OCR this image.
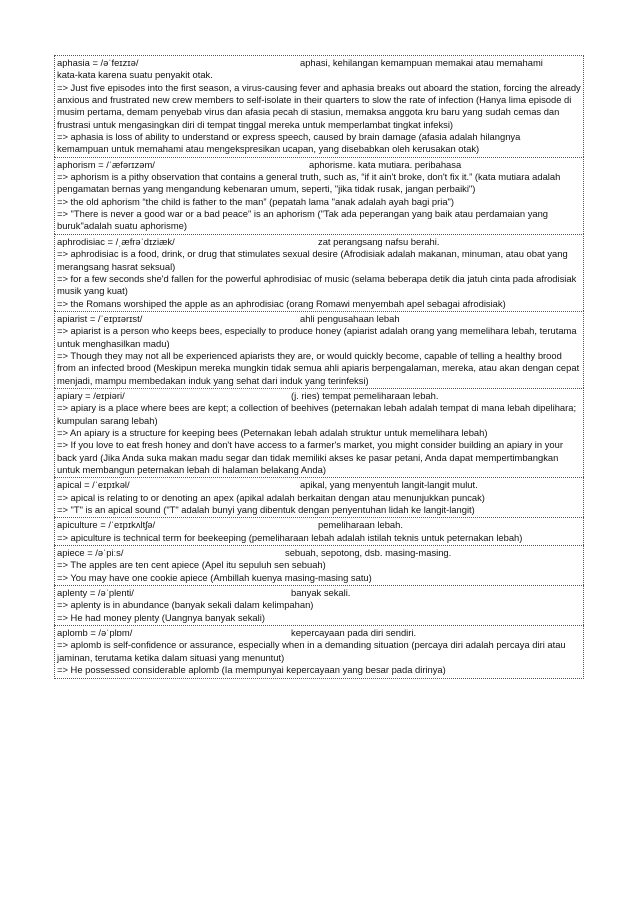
aphasia = /əˈfeɪzɪə/	aphasi, kehilangan kemampuan memakai atau memahami

kata-kata karena suatu penyakit otak.

=> Just five episodes into the first season, a virus-causing fever and aphasia breaks out aboard the station, forcing the already anxious and frustrated new crew members to self-isolate in their quarters to slow the rate of infection (Hanya lima episode di musim pertama, demam penyebab virus dan afasia pecah di stasiun, memaksa anggota kru baru yang sudah cemas dan frustrasi untuk mengasingkan diri di tempat tinggal mereka untuk memperlambat tingkat infeksi)

=> aphasia is loss of ability to understand or express speech, caused by brain damage (afasia adalah hilangnya

kemampuan untuk memahami atau mengekspresikan ucapan, yang disebabkan oleh kerusakan otak)

aphorism = /ˈæfərɪzəm/	aphorisme. kata mutiara. peribahasa

=> aphorism is a pithy observation that contains a general truth, such as, “if it ain't broke, don't fix it.” (kata mutiara adalah pengamatan bernas yang mengandung kebenaran umum, seperti, "jika tidak rusak, jangan perbaiki")

=> the old aphorism “the child is father to the man” (pepatah lama "anak adalah ayah bagi pria")

=> "There is never a good war or a bad peace" is an aphorism ("Tak ada peperangan yang baik atau perdamaian yang buruk"adalah suatu aphorisme)

aphrodisiac = /ˌæfrəˈdɪziæk/	zat perangsang nafsu berahi.

=> aphrodisiac is a food, drink, or drug that stimulates sexual desire (Afrodisiak adalah makanan, minuman, atau obat yang merangsang hasrat seksual)

=> for a few seconds she'd fallen for the powerful aphrodisiac of music (selama beberapa detik dia jatuh cinta pada afrodisiak musik yang kuat)

=> the Romans worshiped the apple as an aphrodisiac (orang Romawi menyembah apel sebagai afrodisiak)

apiarist = /ˈeɪpɪərɪst/	ahli pengusahaan lebah

=> apiarist is a person who keeps bees, especially to produce honey (apiarist adalah orang yang memelihara lebah, terutama untuk menghasilkan madu)

=> Though they may not all be experienced apiarists they are, or would quickly become, capable of telling a healthy brood from an infected brood (Meskipun mereka mungkin tidak semua ahli apiaris berpengalaman, mereka, atau akan dengan cepat menjadi, mampu membedakan induk yang sehat dari induk yang terinfeksi)

apiary = /eɪpiəri/	(j. ries) tempat pemeliharaan lebah.

=> apiary is a place where bees are kept; a collection of beehives (peternakan lebah adalah tempat di mana lebah dipelihara; kumpulan sarang lebah)

=> An apiary is a structure for keeping bees (Peternakan lebah adalah struktur untuk memelihara lebah)

=> If you love to eat fresh honey and don't have access to a farmer's market, you might consider building an apiary in your back yard (Jika Anda suka makan madu segar dan tidak memiliki akses ke pasar petani, Anda dapat mempertimbangkan untuk membangun peternakan lebah di halaman belakang Anda)

apical = /ˈeɪpɪkəl/	apikal, yang menyentuh langit-langit mulut.

=> apical is relating to or denoting an apex (apikal adalah berkaitan dengan atau menunjukkan puncak)

=> "T" is an apical sound ("T" adalah bunyi yang dibentuk dengan penyentuhan lidah ke langit-langit)

apiculture = /ˈeɪpɪkʌltʃə/	pemeliharaan lebah.

=> apiculture is technical term for beekeeping (pemeliharaan lebah adalah istilah teknis untuk peternakan lebah)

apiece = /əˈpiːs/	sebuah, sepotong, dsb. masing-masing.

=> The apples are ten cent apiece (Apel itu sepuluh sen sebuah)

=> You may have one cookie apiece (Ambillah kuenya masing-masing satu)

aplenty = /əˈplenti/	banyak sekali.

=> aplenty is in abundance (banyak sekali dalam kelimpahan)

=> He had money plenty (Uangnya banyak sekali)

aplomb = /əˈplɒm/	kepercayaan pada diri sendiri.

=> aplomb is self-confidence or assurance, especially when in a demanding situation (percaya diri adalah percaya diri atau jaminan, terutama ketika dalam situasi yang menuntut)

=> He possessed considerable aplomb (Ia mempunyai kepercayaan yang besar pada dirinya)
